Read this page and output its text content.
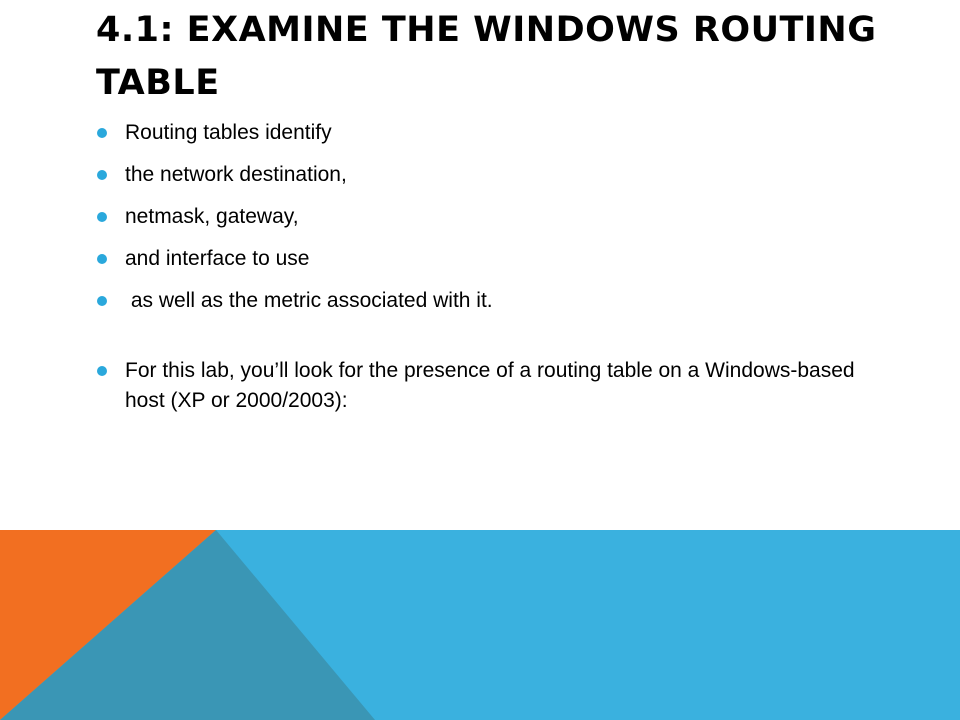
4.1: EXAMINE THE WINDOWS ROUTING TABLE
Routing tables identify
the network destination,
netmask, gateway,
and interface to use
as well as the metric associated with it.
For this lab, you’ll look for the presence of a routing table on a Windows-based host (XP or 2000/2003):
